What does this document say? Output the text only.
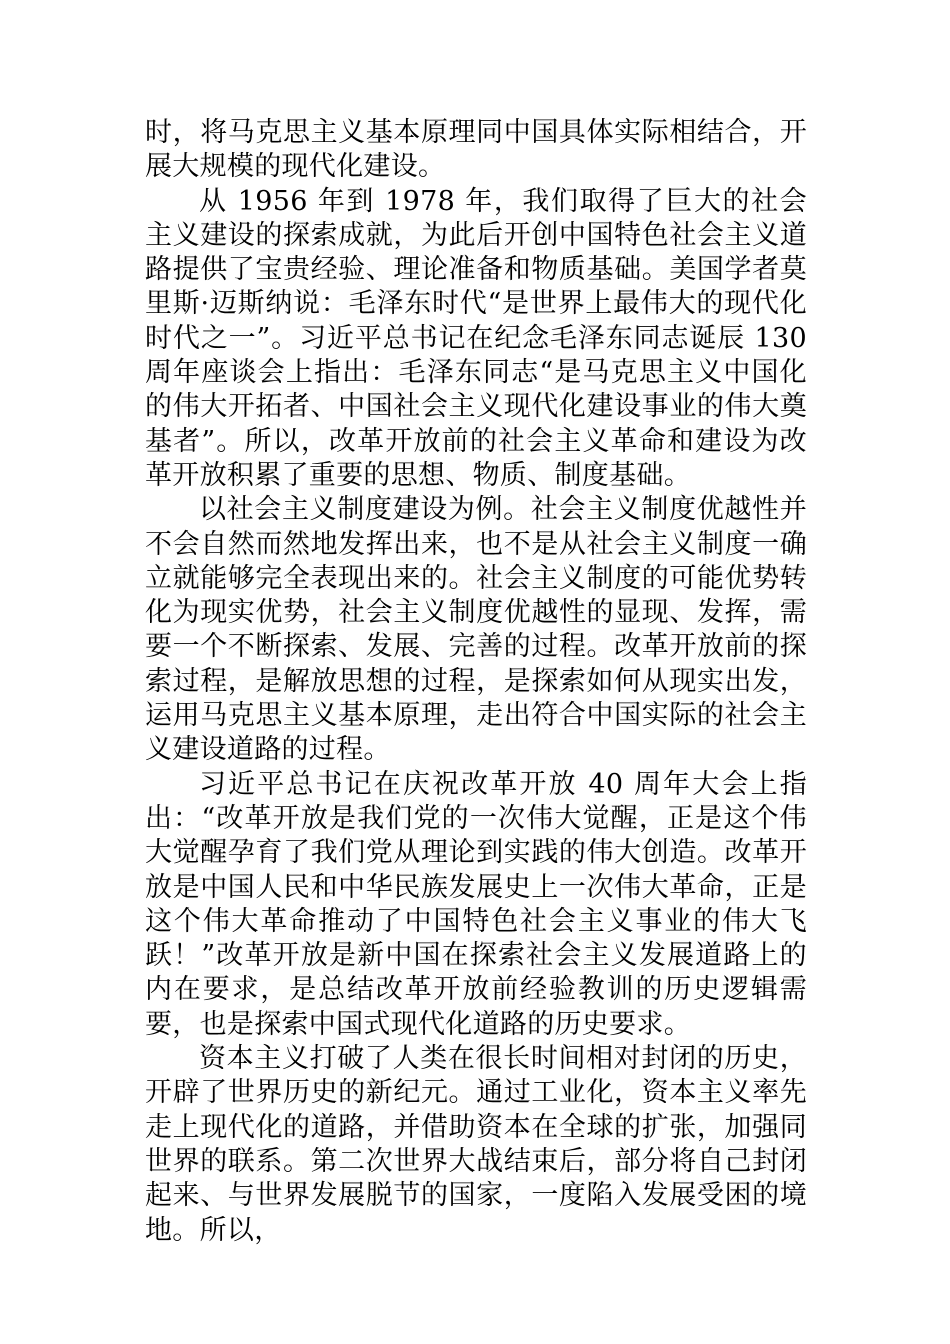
时，将马克思主义基本原理同中国具体实际相结合，开展大规模的现代化建设。

从 1956 年到 1978 年，我们取得了巨大的社会主义建设的探索成就，为此后开创中国特色社会主义道路提供了宝贵经验、理论准备和物质基础。美国学者莫里斯·迈斯纳说：毛泽东时代“是世界上最伟大的现代化时代之一”。习近平总书记在纪念毛泽东同志诞辰 130 周年座谈会上指出：毛泽东同志“是马克思主义中国化的伟大开拓者、中国社会主义现代化建设事业的伟大奠基者”。所以，改革开放前的社会主义革命和建设为改革开放积累了重要的思想、物质、制度基础。

以社会主义制度建设为例。社会主义制度优越性并不会自然而然地发挥出来，也不是从社会主义制度一确立就能够完全表现出来的。社会主义制度的可能优势转化为现实优势，社会主义制度优越性的显现、发挥，需要一个不断探索、发展、完善的过程。改革开放前的探索过程，是解放思想的过程，是探索如何从现实出发，运用马克思主义基本原理，走出符合中国实际的社会主义建设道路的过程。

习近平总书记在庆祝改革开放 40 周年大会上指出：“改革开放是我们党的一次伟大觉醒，正是这个伟大觉醒孕育了我们党从理论到实践的伟大创造。改革开放是中国人民和中华民族发展史上一次伟大革命，正是这个伟大革命推动了中国特色社会主义事业的伟大飞跃！”改革开放是新中国在探索社会主义发展道路上的内在要求，是总结改革开放前经验教训的历史逻辑需要，也是探索中国式现代化道路的历史要求。

资本主义打破了人类在很长时间相对封闭的历史，开辟了世界历史的新纪元。通过工业化，资本主义率先走上现代化的道路，并借助资本在全球的扩张，加强同世界的联系。第二次世界大战结束后，部分将自己封闭起来、与世界发展脱节的国家，一度陷入发展受困的境地。所以，
